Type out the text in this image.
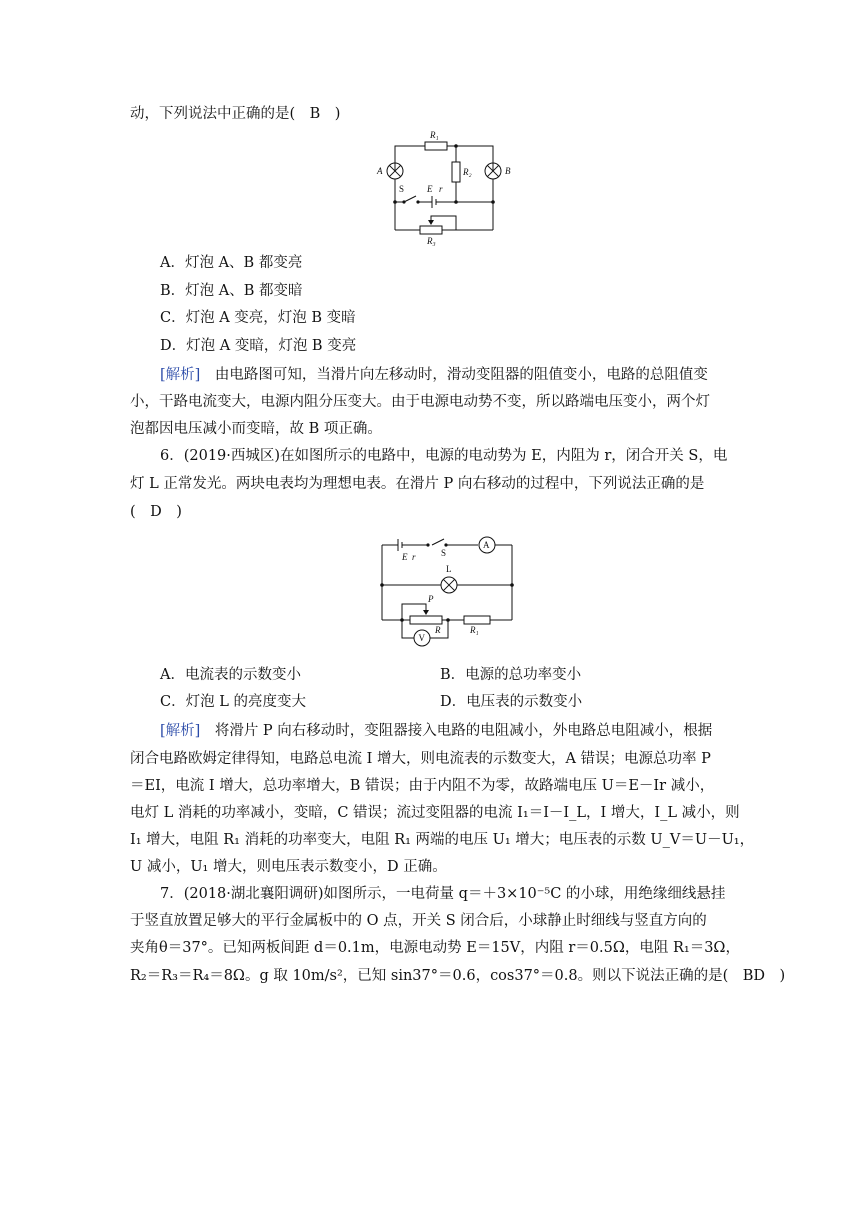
动，下列说法中正确的是(　B　)
R₁
R₂
R₃
A	B
E r
S
A．灯泡 A、B 都变亮
B．灯泡 A、B 都变暗
C．灯泡 A 变亮，灯泡 B 变暗
D．灯泡 A 变暗，灯泡 B 变亮
[解析]　由电路图可知，当滑片向左移动时，滑动变阻器的阻值变小，电路的总阻值变
小，干路电流变大，电源内阻分压变大。由于电源电动势不变，所以路端电压变小，两个灯
泡都因电压减小而变暗，故 B 项正确。
6．(2019·西城区)在如图所示的电路中，电源的电动势为 E，内阻为 r，闭合开关 S，电
灯 L 正常发光。两块电表均为理想电表。在滑片 P 向右移动的过程中，下列说法正确的是
(　D　)
E r	S
A
L
P
R	R₁
V
A．电流表的示数变小	B．电源的总功率变小
C．灯泡 L 的亮度变大	D．电压表的示数变小
[解析]　将滑片 P 向右移动时，变阻器接入电路的电阻减小，外电路总电阻减小，根据
闭合电路欧姆定律得知，电路总电流 I 增大，则电流表的示数变大，A 错误；电源总功率 P
＝EI，电流 I 增大，总功率增大，B 错误；由于内阻不为零，故路端电压 U＝E－Ir 减小，
电灯 L 消耗的功率减小，变暗，C 错误；流过变阻器的电流 I₁＝I－I_L，I 增大，I_L 减小，则
I₁ 增大，电阻 R₁ 消耗的功率变大，电阻 R₁ 两端的电压 U₁ 增大；电压表的示数 U_V＝U－U₁，
U 减小，U₁ 增大，则电压表示数变小，D 正确。
7．(2018·湖北襄阳调研)如图所示，一电荷量 q＝＋3×10⁻⁵C 的小球，用绝缘细线悬挂
于竖直放置足够大的平行金属板中的 O 点，开关 S 闭合后，小球静止时细线与竖直方向的
夹角θ＝37°。已知两板间距 d＝0.1m，电源电动势 E＝15V，内阻 r＝0.5Ω，电阻 R₁＝3Ω，
R₂＝R₃＝R₄＝8Ω。g 取 10m/s²，已知 sin37°＝0.6，cos37°＝0.8。则以下说法正确的是(　BD　)
